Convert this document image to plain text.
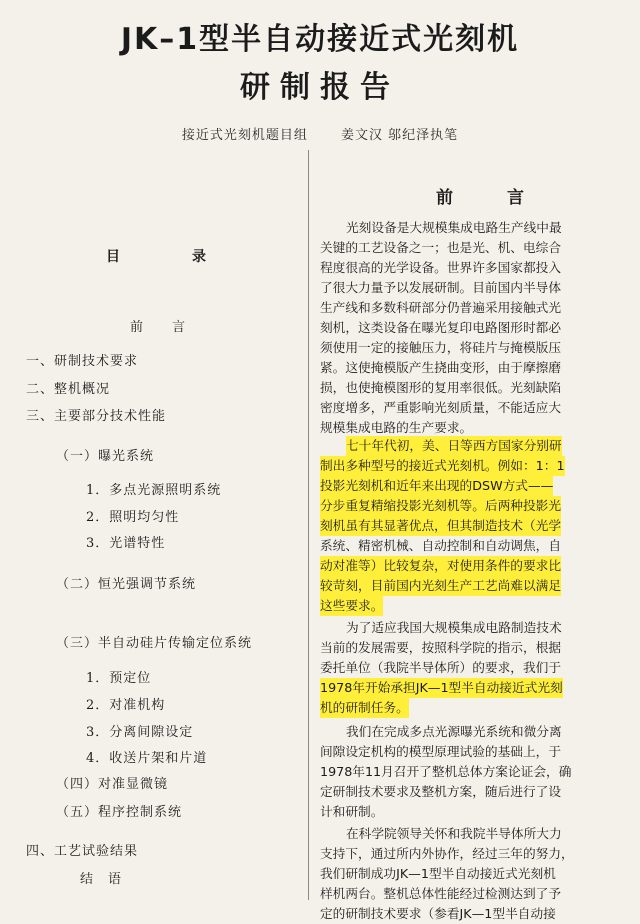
JK–1型半自动接近式光刻机
研制报告
接近式光刻机题目组	姜文汉 邬纪泽执笔
目	录
前　　言
一、研制技术要求
二、整机概况
三、主要部分技术性能
（一）曝光系统
1．多点光源照明系统
2．照明均匀性
3．光谱特性
（二）恒光强调节系统
（三）半自动硅片传输定位系统
1．预定位
2．对准机构
3．分离间隙设定
4．收送片架和片道
（四）对准显微镜
（五）程序控制系统
四、工艺试验结果
结　语
前	言
光刻设备是大规模集成电路生产线中最
关键的工艺设备之一；也是光、机、电综合
程度很高的光学设备。世界许多国家都投入
了很大力量予以发展研制。目前国内半导体
生产线和多数科研部分仍普遍采用接触式光
刻机，这类设备在曝光复印电路图形时都必
须使用一定的接触压力，将硅片与掩模版压
紧。这使掩模版产生挠曲变形，由于摩擦磨
损，也使掩模图形的复用率很低。光刻缺陷
密度增多，严重影响光刻质量，不能适应大
规模集成电路的生产要求。
七十年代初，美、日等西方国家分别研
制出多种型号的接近式光刻机。例如：1：1
投影光刻机和近年来出现的DSW方式——
分步重复精缩投影光刻机等。后两种投影光
刻机虽有其显著优点，但其制造技术（光学
系统、精密机械、自动控制和自动调焦，自
动对准等）比较复杂，对使用条件的要求比
较苛刻，目前国内光刻生产工艺尚难以满足
这些要求。
为了适应我国大规模集成电路制造技术
当前的发展需要，按照科学院的指示，根据
委托单位（我院半导体所）的要求，我们于
1978年开始承担JK—1型半自动接近式光刻
机的研制任务。
我们在完成多点光源曝光系统和微分离
间隙设定机构的模型原理试验的基础上，于
1978年11月召开了整机总体方案论证会，确
定研制技术要求及整机方案，随后进行了设
计和研制。
在科学院领导关怀和我院半导体所大力
支持下，通过所内外协作，经过三年的努力，
我们研制成功JK—1型半自动接近式光刻机
样机两台。整机总体性能经过检测达到了予
定的研制技术要求（参看JK—1型半自动接
